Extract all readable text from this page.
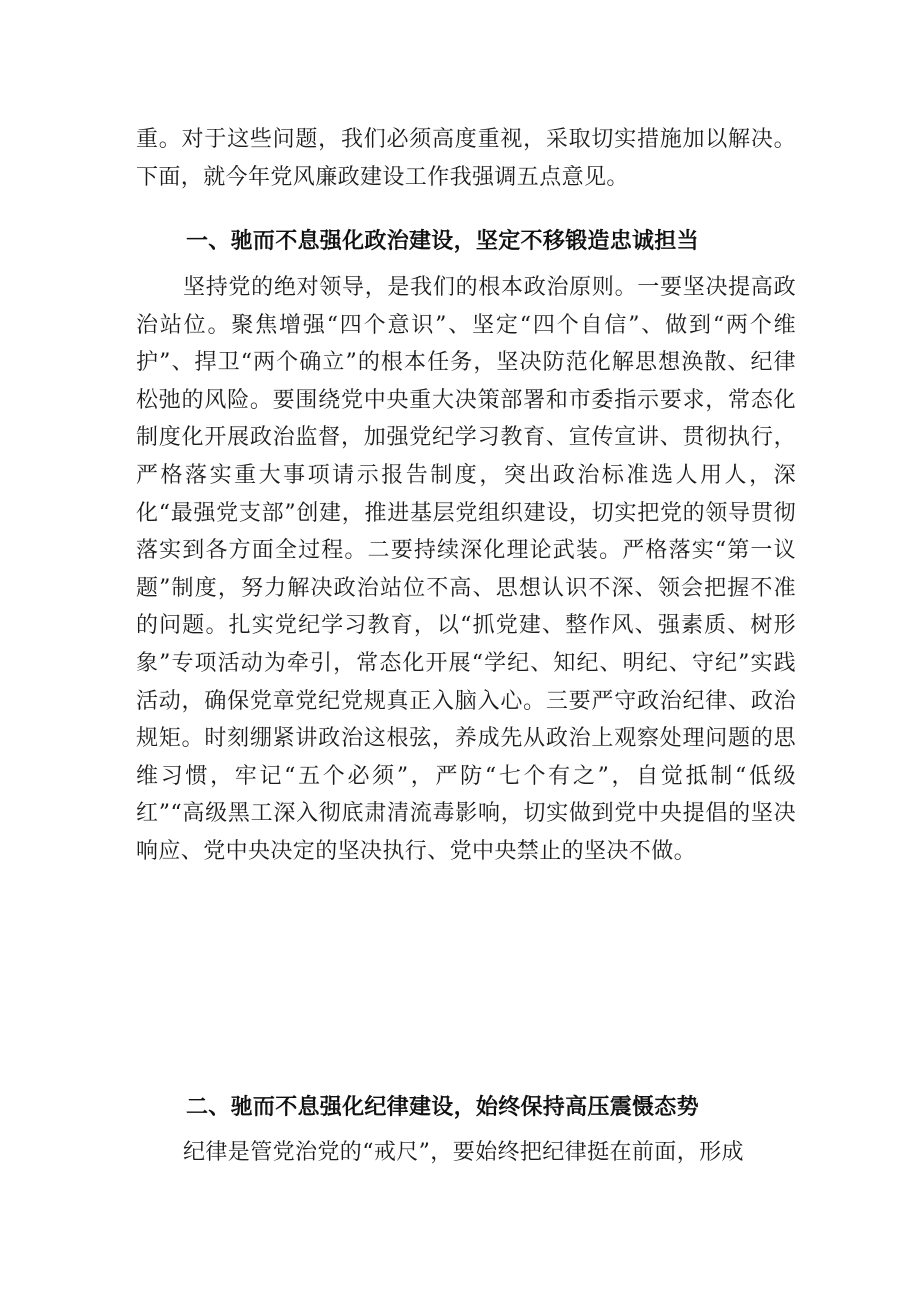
重。对于这些问题，我们必须高度重视，采取切实措施加以解决。下面，就今年党风廉政建设工作我强调五点意见。

一、驰而不息强化政治建设，坚定不移锻造忠诚担当

坚持党的绝对领导，是我们的根本政治原则。一要坚决提高政治站位。聚焦增强“四个意识”、坚定“四个自信”、做到“两个维护”、捍卫“两个确立”的根本任务，坚决防范化解思想涣散、纪律松弛的风险。要围绕党中央重大决策部署和市委指示要求，常态化制度化开展政治监督，加强党纪学习教育、宣传宣讲、贯彻执行，严格落实重大事项请示报告制度，突出政治标准选人用人，深化“最强党支部”创建，推进基层党组织建设，切实把党的领导贯彻落实到各方面全过程。二要持续深化理论武装。严格落实“第一议题”制度，努力解决政治站位不高、思想认识不深、领会把握不准的问题。扎实党纪学习教育，以“抓党建、整作风、强素质、树形象”专项活动为牵引，常态化开展“学纪、知纪、明纪、守纪”实践活动，确保党章党纪党规真正入脑入心。三要严守政治纪律、政治规矩。时刻绷紧讲政治这根弦，养成先从政治上观察处理问题的思维习惯，牢记“五个必须”，严防“七个有之”，自觉抵制“低级红”“高级黑工深入彻底肃清流毒影响，切实做到党中央提倡的坚决响应、党中央决定的坚决执行、党中央禁止的坚决不做。

二、驰而不息强化纪律建设，始终保持高压震慑态势

纪律是管党治党的“戒尺”，要始终把纪律挺在前面，形成
